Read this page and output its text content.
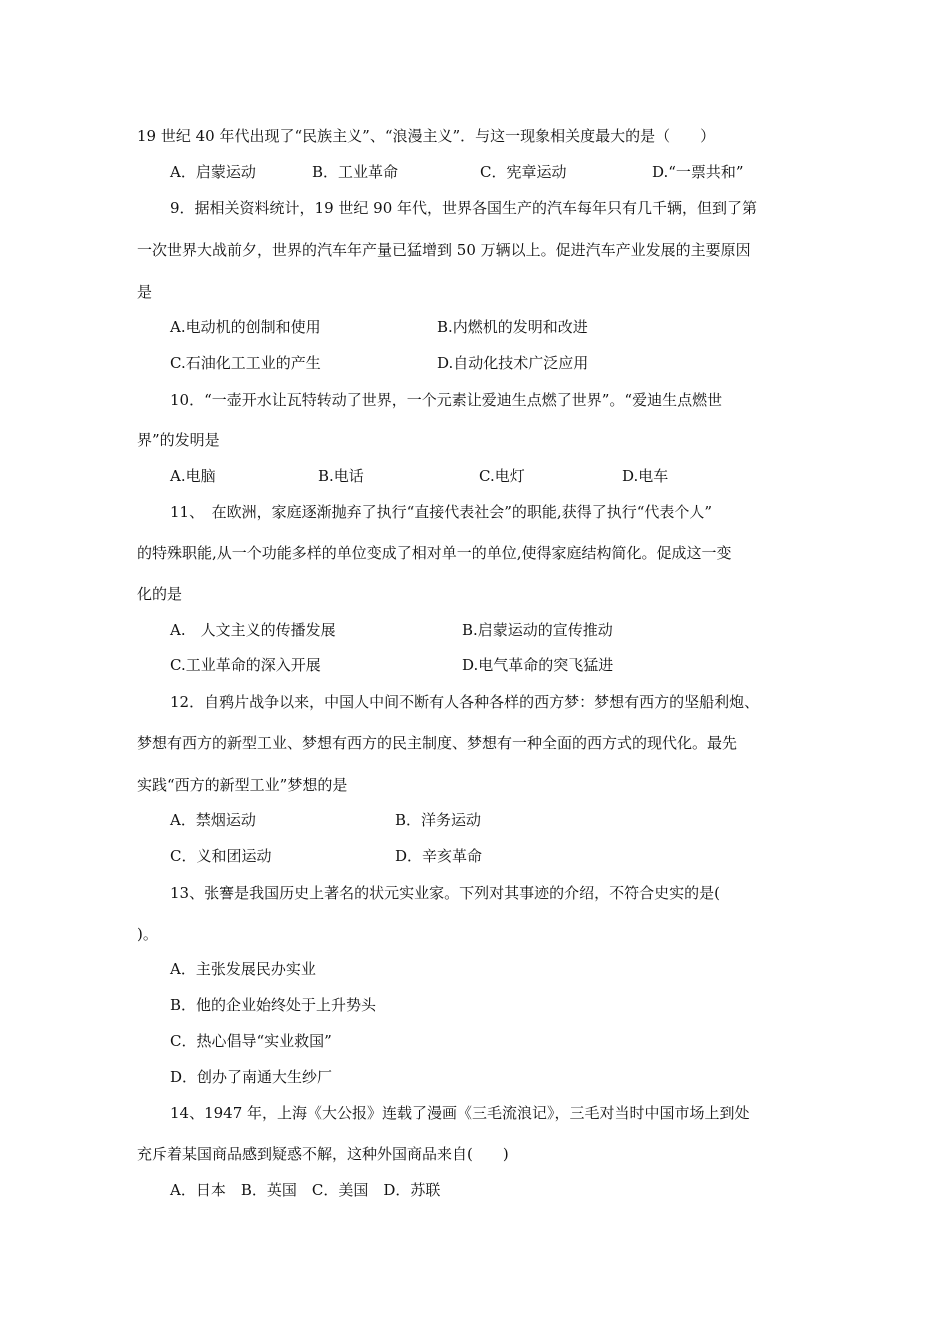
19 世纪 40 年代出现了“民族主义”、“浪漫主义”．与这一现象相关度最大的是（　　）
A．启蒙运动	B．工业革命	C．宪章运动	D.“一票共和”
9．据相关资料统计，19 世纪 90 年代，世界各国生产的汽车每年只有几千辆，但到了第
一次世界大战前夕，世界的汽车年产量已猛增到 50 万辆以上。促进汽车产业发展的主要原因
是
A.电动机的创制和使用	B.内燃机的发明和改进
C.石油化工工业的产生	D.自动化技术广泛应用
10．“一壶开水让瓦特转动了世界，一个元素让爱迪生点燃了世界”。“爱迪生点燃世
界”的发明是
A.电脑	B.电话	C.电灯	D.电车
11、　在欧洲，家庭逐渐抛弃了执行“直接代表社会”的职能,获得了执行“代表个人”
的特殊职能,从一个功能多样的单位变成了相对单一的单位,使得家庭结构简化。促成这一变
化的是
A.　人文主义的传播发展	B.启蒙运动的宣传推动
C.工业革命的深入开展	D.电气革命的突飞猛进
12．自鸦片战争以来，中国人中间不断有人各种各样的西方梦：梦想有西方的坚船利炮、
梦想有西方的新型工业、梦想有西方的民主制度、梦想有一种全面的西方式的现代化。最先
实践“西方的新型工业”梦想的是
A．禁烟运动	B．洋务运动
C．义和团运动	D．辛亥革命
13、张謇是我国历史上著名的状元实业家。下列对其事迹的介绍，不符合史实的是(
)。
A．主张发展民办实业
B．他的企业始终处于上升势头
C．热心倡导“实业救国”
D．创办了南通大生纱厂
14、1947 年，上海《大公报》连载了漫画《三毛流浪记》，三毛对当时中国市场上到处
充斥着某国商品感到疑惑不解，这种外国商品来自(　　)
A．日本　B．英国　C．美国　D．苏联
